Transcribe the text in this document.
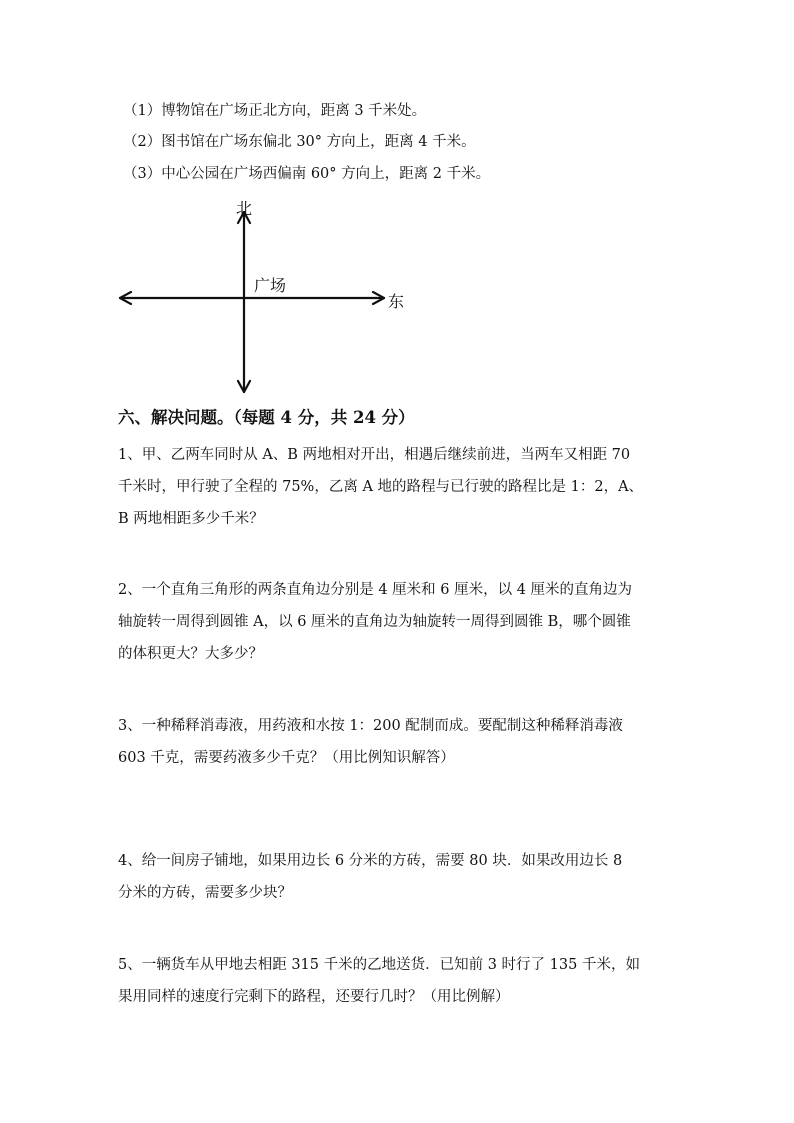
（1）博物馆在广场正北方向，距离 3 千米处。
（2）图书馆在广场东偏北 30° 方向上，距离 4 千米。
（3）中心公园在广场西偏南 60° 方向上，距离 2 千米。
北
东
广场
六、解决问题。（每题 4 分，共 24 分）
1、甲、乙两车同时从 A、B 两地相对开出，相遇后继续前进，当两车又相距 70
千米时，甲行驶了全程的 75%，乙离 A 地的路程与已行驶的路程比是 1：2，A、
B 两地相距多少千米？
2、一个直角三角形的两条直角边分别是 4 厘米和 6 厘米，以 4 厘米的直角边为
轴旋转一周得到圆锥 A，以 6 厘米的直角边为轴旋转一周得到圆锥 B，哪个圆锥
的体积更大？大多少？
3、一种稀释消毒液，用药液和水按 1：200 配制而成。要配制这种稀释消毒液
603 千克，需要药液多少千克？（用比例知识解答）
4、给一间房子铺地，如果用边长 6 分米的方砖，需要 80 块．如果改用边长 8
分米的方砖，需要多少块？
5、一辆货车从甲地去相距 315 千米的乙地送货．已知前 3 时行了 135 千米，如
果用同样的速度行完剩下的路程，还要行几时？（用比例解）
